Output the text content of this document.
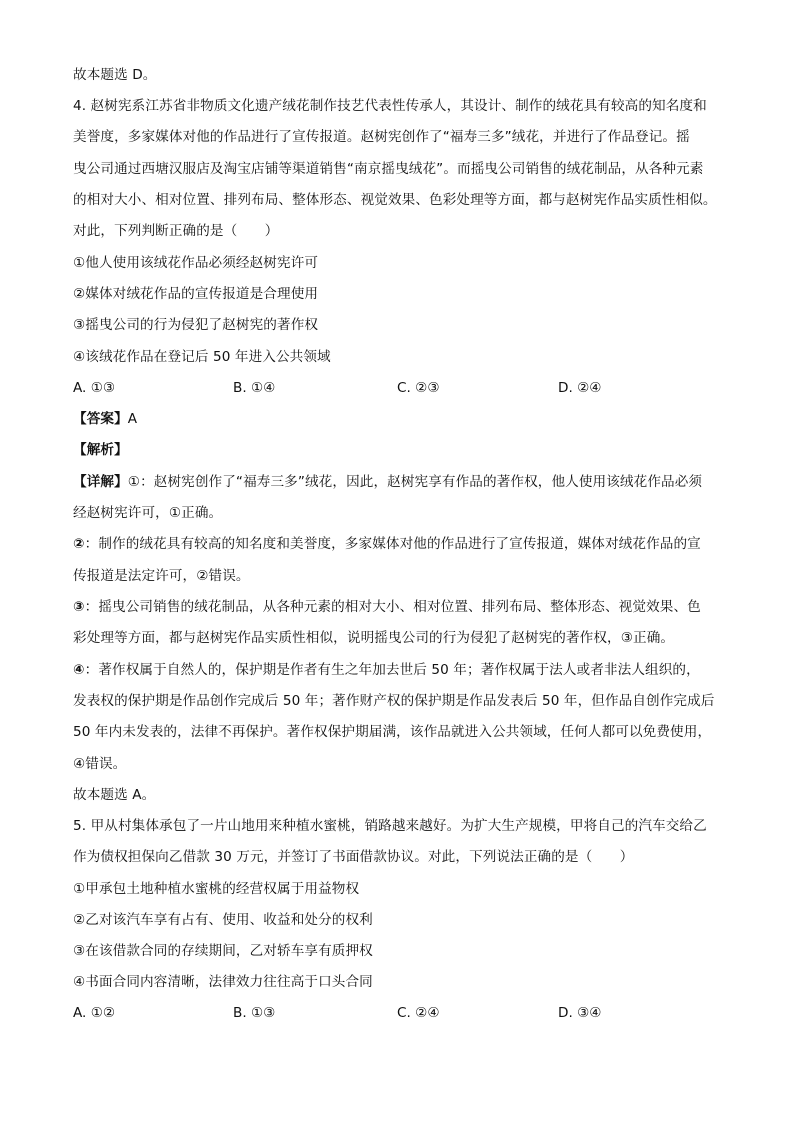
故本题选 D。
4. 赵树宪系江苏省非物质文化遗产绒花制作技艺代表性传承人，其设计、制作的绒花具有较高的知名度和
美誉度，多家媒体对他的作品进行了宣传报道。赵树宪创作了“福寿三多”绒花，并进行了作品登记。摇
曳公司通过西塘汉服店及淘宝店铺等渠道销售“南京摇曳绒花”。而摇曳公司销售的绒花制品，从各种元素
的相对大小、相对位置、排列布局、整体形态、视觉效果、色彩处理等方面，都与赵树宪作品实质性相似。
对此，下列判断正确的是（　　）
①他人使用该绒花作品必须经赵树宪许可
②媒体对绒花作品的宣传报道是合理使用
③摇曳公司的行为侵犯了赵树宪的著作权
④该绒花作品在登记后 50 年进入公共领域
A. ①③	B. ①④	C. ②③	D. ②④
【答案】A
【解析】
【详解】①：赵树宪创作了“福寿三多”绒花，因此，赵树宪享有作品的著作权，他人使用该绒花作品必须
经赵树宪许可，①正确。
②：制作的绒花具有较高的知名度和美誉度，多家媒体对他的作品进行了宣传报道，媒体对绒花作品的宣
传报道是法定许可，②错误。
③：摇曳公司销售的绒花制品，从各种元素的相对大小、相对位置、排列布局、整体形态、视觉效果、色
彩处理等方面，都与赵树宪作品实质性相似，说明摇曳公司的行为侵犯了赵树宪的著作权，③正确。
④：著作权属于自然人的，保护期是作者有生之年加去世后 50 年；著作权属于法人或者非法人组织的，
发表权的保护期是作品创作完成后 50 年；著作财产权的保护期是作品发表后 50 年，但作品自创作完成后
50 年内未发表的，法律不再保护。著作权保护期届满，该作品就进入公共领域，任何人都可以免费使用，
④错误。
故本题选 A。
5. 甲从村集体承包了一片山地用来种植水蜜桃，销路越来越好。为扩大生产规模，甲将自己的汽车交给乙
作为债权担保向乙借款 30 万元，并签订了书面借款协议。对此，下列说法正确的是（　　）
①甲承包土地种植水蜜桃的经营权属于用益物权
②乙对该汽车享有占有、使用、收益和处分的权利
③在该借款合同的存续期间，乙对轿车享有质押权
④书面合同内容清晰，法律效力往往高于口头合同
A. ①②	B. ①③	C. ②④	D. ③④
